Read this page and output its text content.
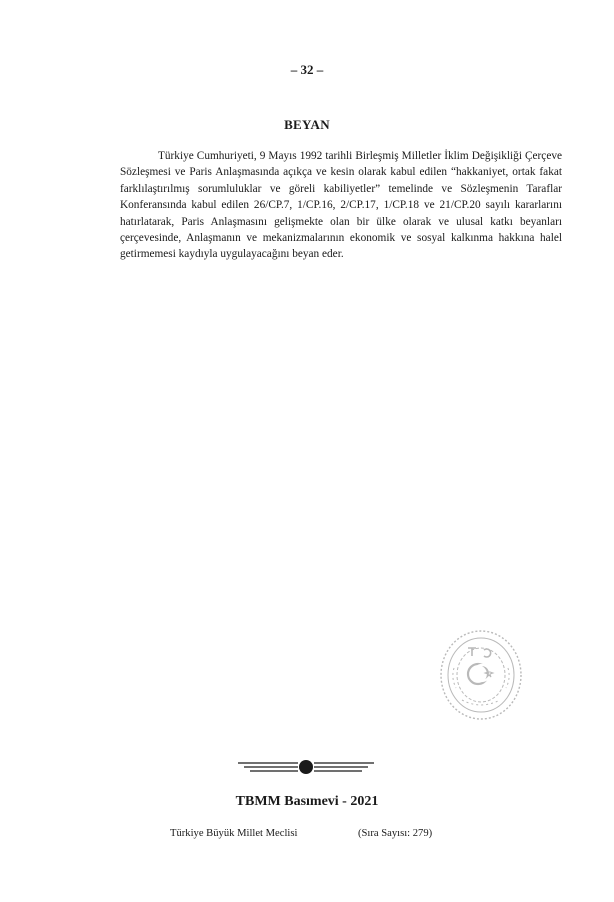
– 32 –
BEYAN
Türkiye Cumhuriyeti, 9 Mayıs 1992 tarihli Birleşmiş Milletler İklim Değişikliği Çerçeve Sözleşmesi ve Paris Anlaşmasında açıkça ve kesin olarak kabul edilen “hakkaniyet, ortak fakat farklılaştırılmış sorumluluklar ve göreli kabiliyetler” temelinde ve Sözleşmenin Taraflar Konferansında kabul edilen 26/CP.7, 1/CP.16, 2/CP.17, 1/CP.18 ve 21/CP.20 sayılı kararlarını hatırlatarak, Paris Anlaşmasını gelişmekte olan bir ülke olarak ve ulusal katkı beyanları çerçevesinde, Anlaşmanın ve mekanizmalarının ekonomik ve sosyal kalkınma hakkına halel getirmemesi kaydıyla uygulayacağını beyan eder.
TBMM Basımevi - 2021
Türkiye Büyük Millet Meclisi	(Sıra Sayısı: 279)
